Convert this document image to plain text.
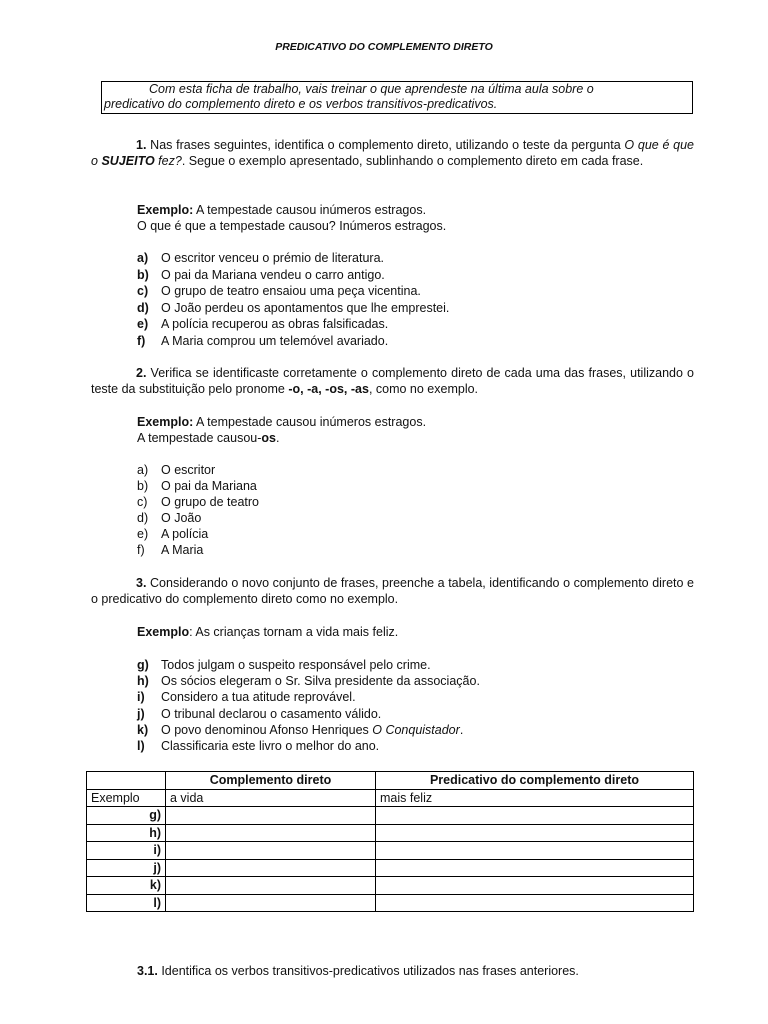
PREDICATIVO DO COMPLEMENTO DIRETO
Com esta ficha de trabalho, vais treinar o que aprendeste na última aula sobre o
predicativo do complemento direto e os verbos transitivos-predicativos.
1. Nas frases seguintes, identifica o complemento direto, utilizando o teste da pergunta O que é que o SUJEITO fez?. Segue o exemplo apresentado, sublinhando o complemento direto em cada frase.
Exemplo: A tempestade causou inúmeros estragos.
O que é que a tempestade causou? Inúmeros estragos.
a) O escritor venceu o prémio de literatura.
b) O pai da Mariana vendeu o carro antigo.
c) O grupo de teatro ensaiou uma peça vicentina.
d) O João perdeu os apontamentos que lhe emprestei.
e) A polícia recuperou as obras falsificadas.
f) A Maria comprou um telemóvel avariado.
2. Verifica se identificaste corretamente o complemento direto de cada uma das frases, utilizando o teste da substituição pelo pronome -o, -a, -os, -as, como no exemplo.
Exemplo: A tempestade causou inúmeros estragos.
A tempestade causou-os.
a) O escritor
b) O pai da Mariana
c) O grupo de teatro
d) O João
e) A polícia
f) A Maria
3. Considerando o novo conjunto de frases, preenche a tabela, identificando o complemento direto e o predicativo do complemento direto como no exemplo.
Exemplo: As crianças tornam a vida mais feliz.
g) Todos julgam o suspeito responsável pelo crime.
h) Os sócios elegeram o Sr. Silva presidente da associação.
i) Considero a tua atitude reprovável.
j) O tribunal declarou o casamento válido.
k) O povo denominou Afonso Henriques O Conquistador.
l) Classificaria este livro o melhor do ano.
	Complemento direto	Predicativo do complemento direto
Exemplo	a vida	mais feliz
g)		
h)		
i)		
j)		
k)		
l)		
3.1. Identifica os verbos transitivos-predicativos utilizados nas frases anteriores.
